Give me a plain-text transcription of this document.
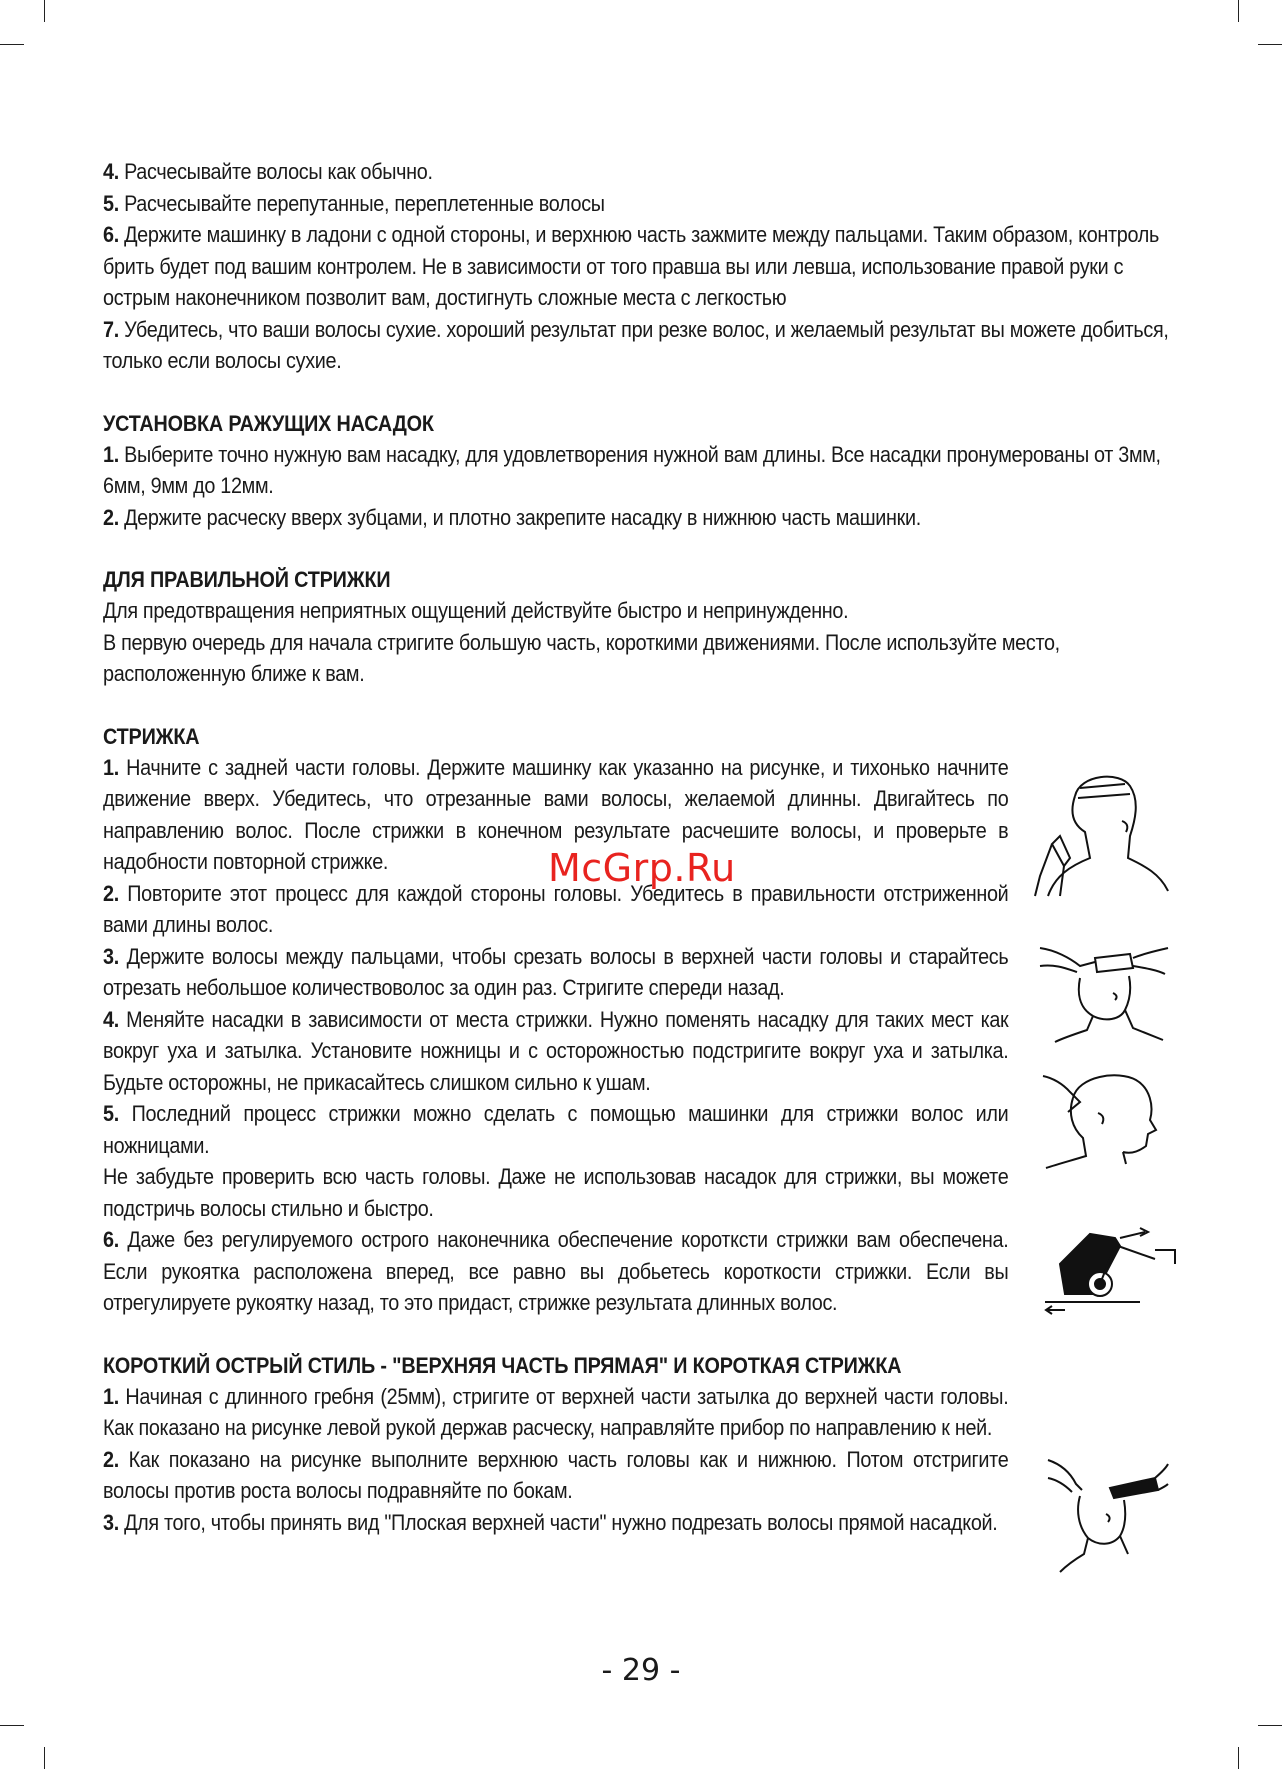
4. Расчесывайте волосы как обычно.

5. Расчесывайте перепутанные, переплетенные волосы

6. Держите машинку в ладони с одной стороны, и верхнюю часть зажмите между пальцами. Таким образом, контроль брить будет под вашим контролем. Не в зависимости от того правша вы или левша, использование правой руки с острым наконечником позволит вам, достигнуть сложные места с легкостью

7. Убедитесь, что ваши волосы сухие. хороший результат при резке волос, и желаемый результат вы можете добиться, только если волосы сухие.

УСТАНОВКА РАЖУЩИХ НАСАДОК

1. Выберите точно нужную вам насадку, для удовлетворения нужной вам длины. Все насадки пронумерованы от 3мм, 6мм, 9мм до 12мм.

2. Держите расческу вверх зубцами, и плотно закрепите насадку в нижнюю часть машинки.

ДЛЯ ПРАВИЛЬНОЙ СТРИЖКИ

Для предотвращения неприятных ощущений действуйте быстро и непринужденно.

В первую очередь для начала стригите большую часть, короткими движениями. После используйте место, расположенную ближе к вам.

СТРИЖКА

1. Начните с задней части головы. Держите машинку как указанно на рисунке, и тихонько начните движение вверх. Убедитесь, что отрезанные вами волосы, желаемой длинны. Двигайтесь по направлению волос. После стрижки в конечном результате расчешите волосы, и проверьте в надобности повторной стрижке.

2. Повторите этот процесс для каждой стороны головы. Убедитесь в правильности отстриженной вами длины волос.

3. Держите волосы между пальцами, чтобы срезать волосы в верхней части головы и старайтесь отрезать небольшое количествоволос за один раз. Стригите спереди назад.

4. Меняйте насадки в зависимости от места стрижки. Нужно поменять насадку для таких мест как вокруг уха и затылка. Установите ножницы и с осторожностью подстригите вокруг уха и затылка. Будьте осторожны, не прикасайтесь слишком сильно к ушам.

5. Последний процесс стрижки можно сделать с помощью машинки для стрижки волос или ножницами.

Не забудьте проверить всю часть головы. Даже не использовав насадок для стрижки, вы можете подстричь волосы стильно и быстро.

6. Даже без регулируемого острого наконечника обеспечение коротксти стрижки вам обеспечена. Если рукоятка расположена вперед, все равно вы добьетесь короткости стрижки. Если вы отрегулируете рукоятку назад, то это придаст, стрижке результата длинных волос.

КОРОТКИЙ ОСТРЫЙ СТИЛЬ - "ВЕРХНЯЯ ЧАСТЬ ПРЯМАЯ" И КОРОТКАЯ СТРИЖКА

1. Начиная с длинного гребня (25мм), стригите от верхней части затылка до верхней части головы. Как показано на рисунке левой рукой держав расческу, направляйте прибор по направлению к ней.

2. Как показано на рисунке выполните верхнюю часть головы как и нижнюю. Потом отстригите волосы против роста волосы подравняйте по бокам.

3. Для того, чтобы принять вид "Плоская верхней части" нужно подрезать волосы прямой насадкой.

McGrp.Ru
- 29 -
